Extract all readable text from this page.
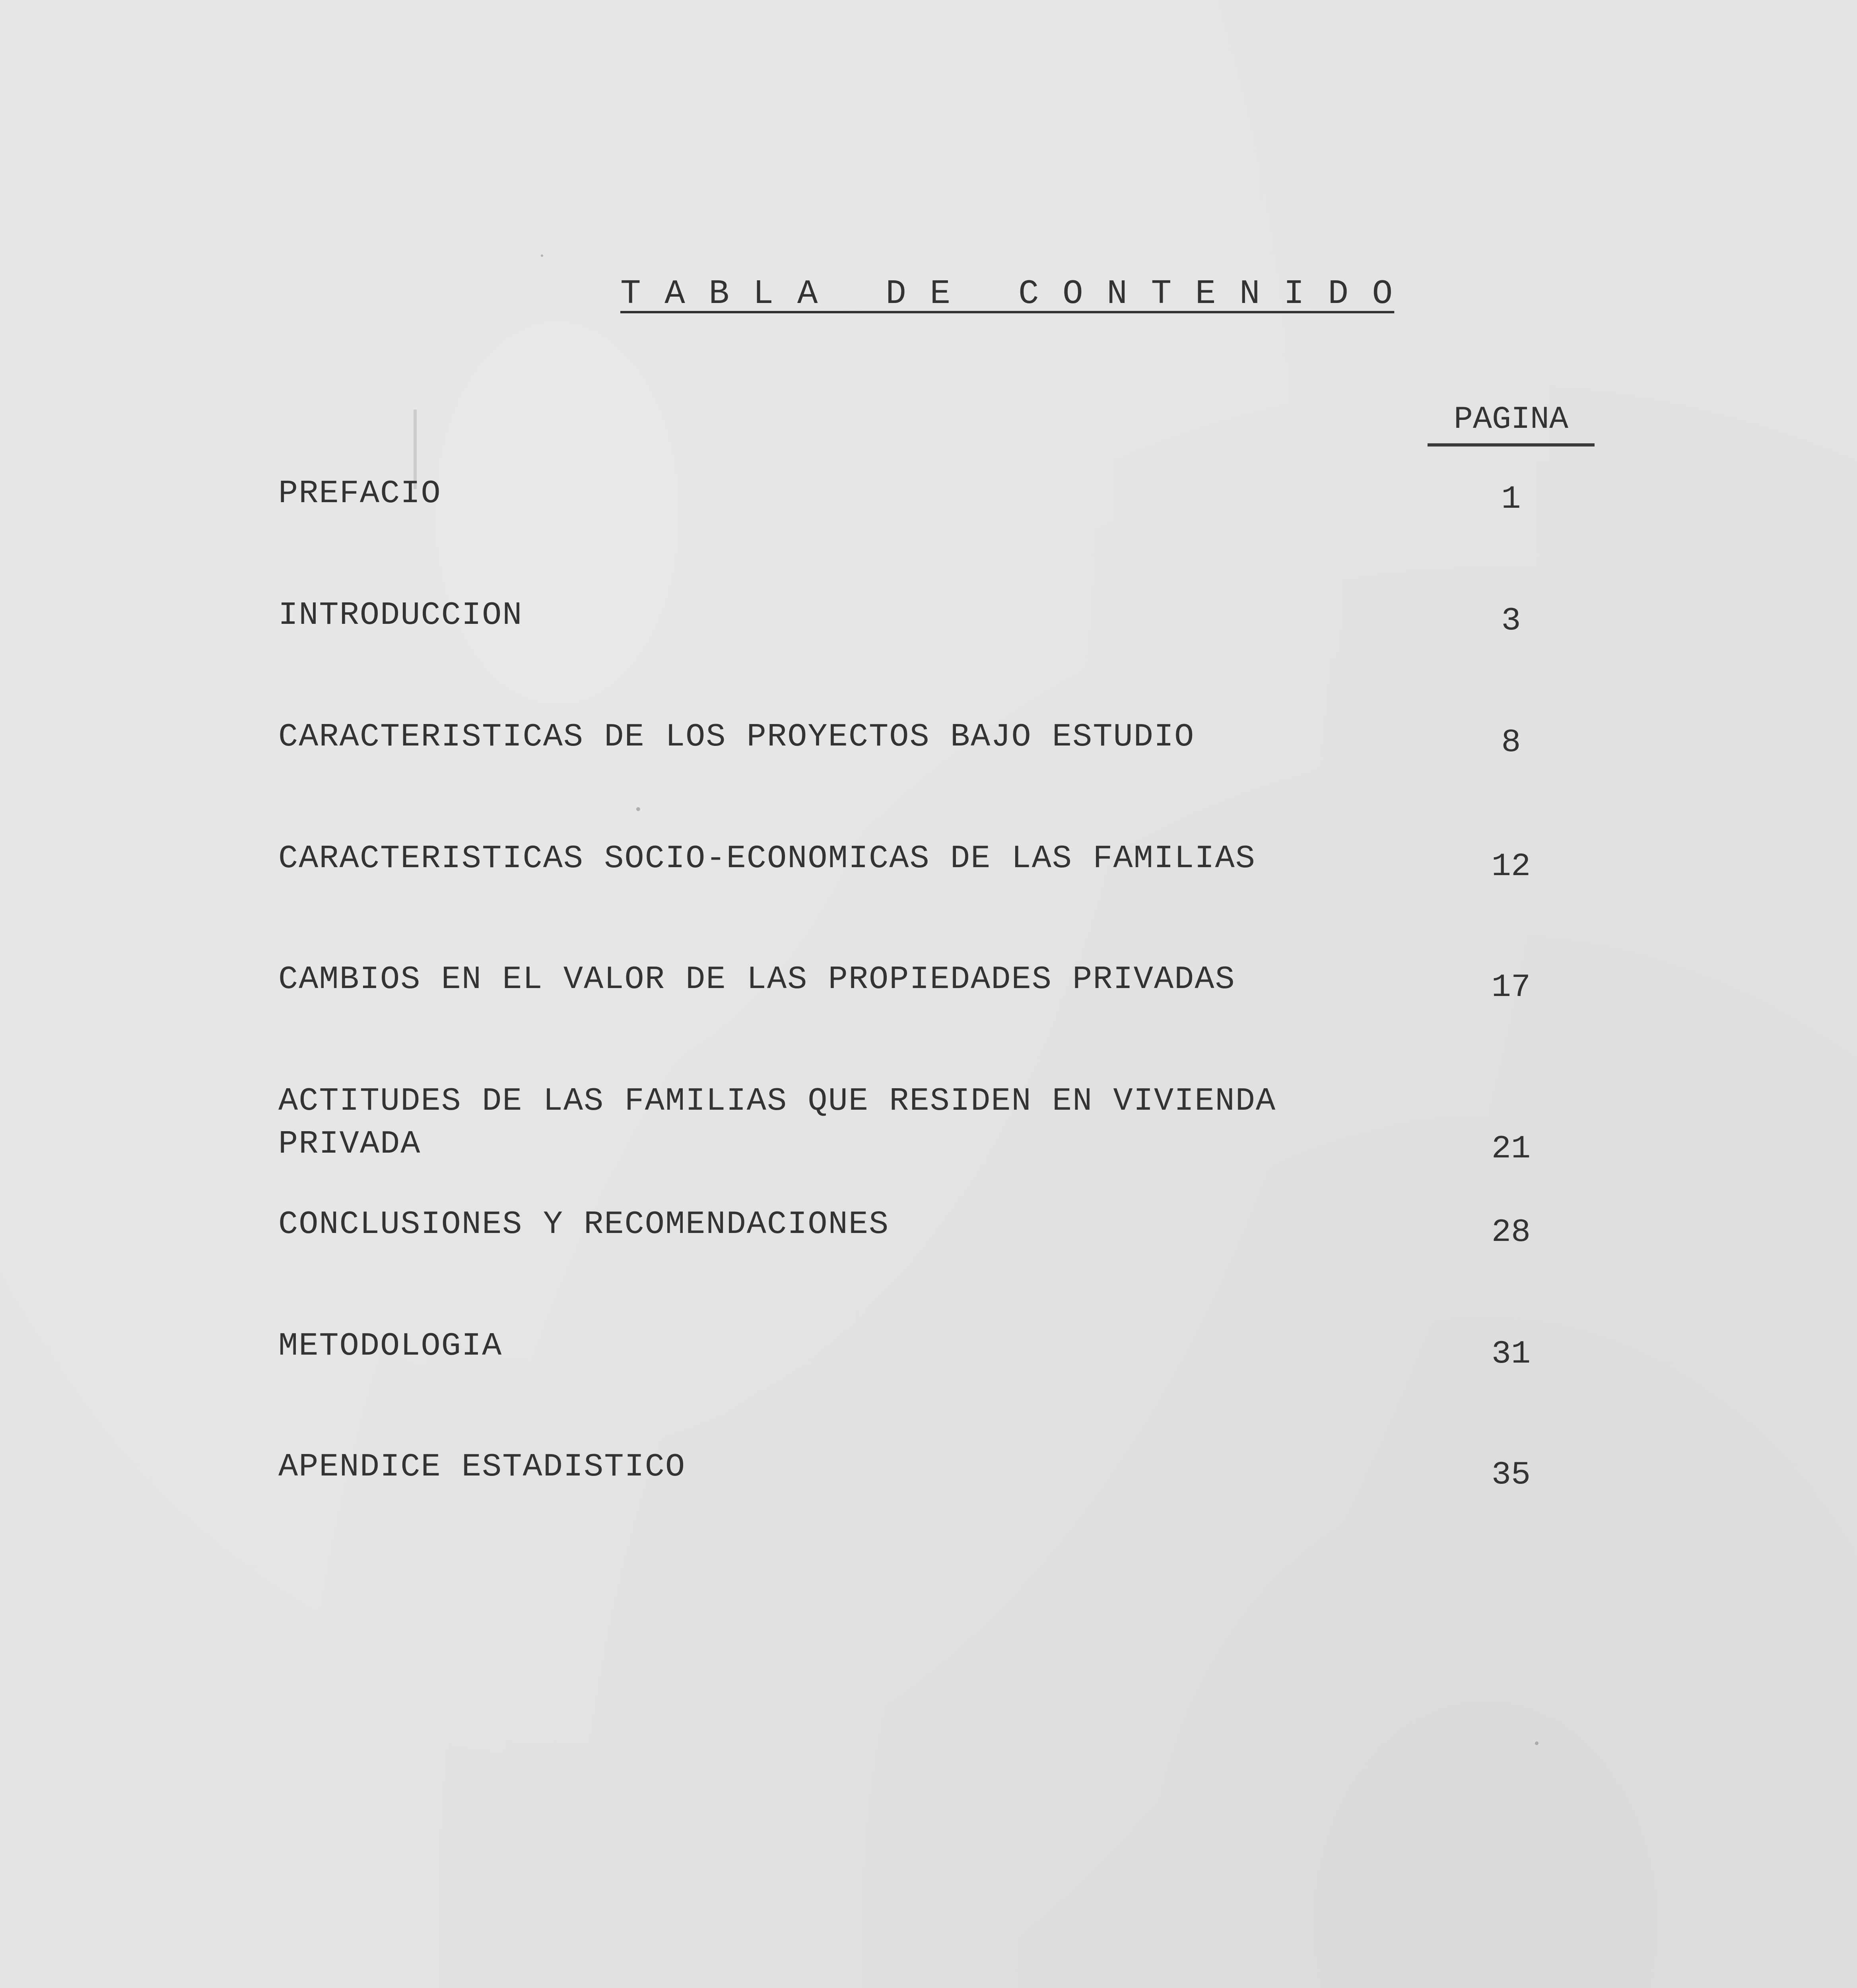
T A B L A   D E   C O N T E N I D O
PAGINA
PREFACIO	1
INTRODUCCION	3
CARACTERISTICAS DE LOS PROYECTOS BAJO ESTUDIO	8
CARACTERISTICAS SOCIO-ECONOMICAS DE LAS FAMILIAS	12
CAMBIOS EN EL VALOR DE LAS PROPIEDADES PRIVADAS	17
ACTITUDES DE LAS FAMILIAS QUE RESIDEN EN VIVIENDA PRIVADA	21
CONCLUSIONES Y RECOMENDACIONES	28
METODOLOGIA	31
APENDICE ESTADISTICO	35
